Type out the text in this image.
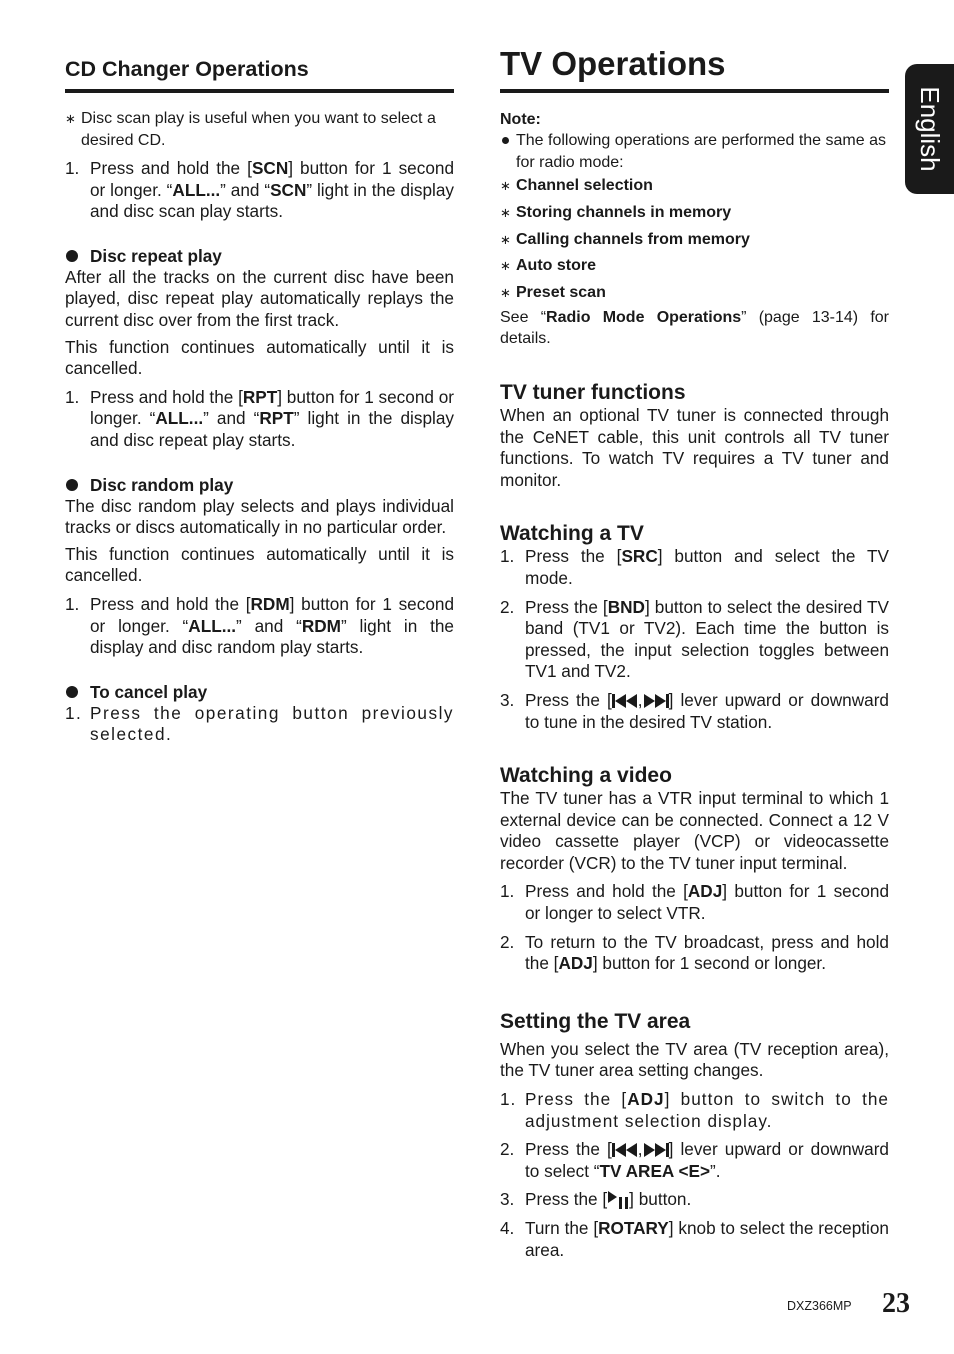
English
CD Changer Operations
∗ Disc scan play is useful when you want to select a desired CD.
1. Press and hold the [SCN] button for 1 second or longer. “ALL...” and “SCN” light in the display and disc scan play starts.
Disc repeat play

After all the tracks on the current disc have been played, disc repeat play automatically replays the current disc over from the first track.

This function continues automatically until it is cancelled.

1. Press and hold the [RPT] button for 1 second or longer. “ALL...” and “RPT” light in the display and disc repeat play starts.
Disc random play

The disc random play selects and plays individual tracks or discs automatically in no particular order.

This function continues automatically until it is cancelled.

1. Press and hold the [RDM] button for 1 second or longer. “ALL...” and “RDM” light in the display and disc random play starts.
To cancel play
1. Press the operating button previously selected.
TV Operations
Note:
The following operations are performed the same as for radio mode:
∗ Channel selection
∗ Storing channels in memory
∗ Calling channels from memory
∗ Auto store
∗ Preset scan

See “Radio Mode Operations” (page 13-14) for details.

TV tuner functions

When an optional TV tuner is connected through the CeNET cable, this unit controls all TV tuner functions. To watch TV requires a TV tuner and monitor.

Watching a TV
1. Press the [SRC] button and select the TV mode.
2. Press the [BND] button to select the desired TV band (TV1 or TV2). Each time the button is pressed, the input selection toggles between TV1 and TV2.
3. Press the [ , ] lever upward or downward to tune in the desired TV station.
Watching a video

The TV tuner has a VTR input terminal to which 1 external device can be connected. Connect a 12 V video cassette player (VCP) or videocassette recorder (VCR) to the TV tuner input terminal.

1. Press and hold the [ADJ] button for 1 second or longer to select VTR.
2. To return to the TV broadcast, press and hold the [ADJ] button for 1 second or longer.
Setting the TV area

When you select the TV area (TV reception area), the TV tuner area setting changes.

1. Press the [ADJ] button to switch to the adjustment selection display.
2. Press the [ , ] lever upward or downward to select “TV AREA <E>”.
3. Press the [ ] button.
4. Turn the [ROTARY] knob to select the reception area.
DXZ366MP 23
